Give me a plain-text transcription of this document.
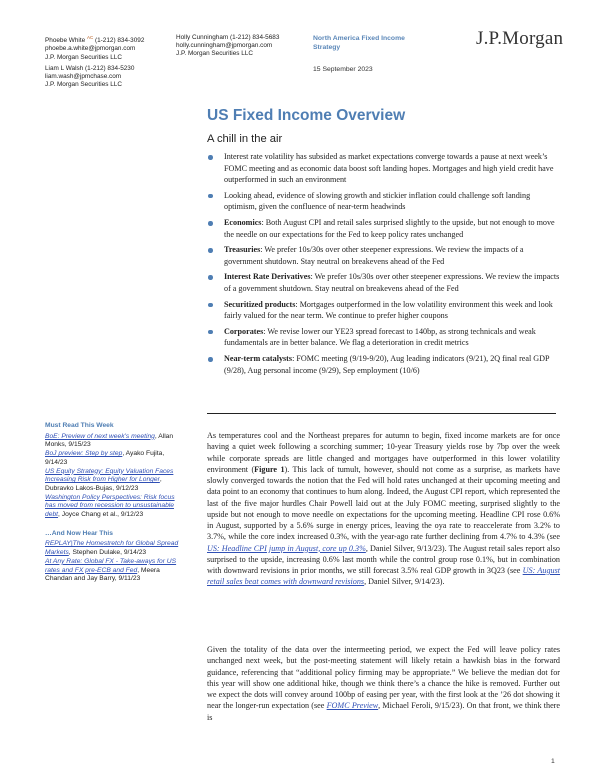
Phoebe White $^{AC}$ (1-212) 834-3092
phoebe.a.white@jpmorgan.com
J.P. Morgan Securities LLC
Liam L Walsh (1-212) 834-5230
liam.wash@jpmchase.com
J.P. Morgan Securities LLC
Holly Cunningham (1-212) 834-5683
holly.cunningham@jpmorgan.com
J.P. Morgan Securities LLC
North America Fixed Income Strategy
15 September 2023
J.P.Morgan
US Fixed Income Overview
A chill in the air
Interest rate volatility has subsided as market expectations converge towards a pause at next week’s FOMC meeting and as economic data boost soft landing hopes. Mortgages and high yield credit have outperformed in such an environment
Looking ahead, evidence of slowing growth and stickier inflation could challenge soft landing optimism, given the confluence of near-term headwinds
Economics: Both August CPI and retail sales surprised slightly to the upside, but not enough to move the needle on our expectations for the Fed to keep policy rates unchanged
Treasuries: We prefer 10s/30s over other steepener expressions. We review the impacts of a government shutdown. Stay neutral on breakevens ahead of the Fed
Interest Rate Derivatives: We prefer 10s/30s over other steepener expressions. We review the impacts of a government shutdown. Stay neutral on breakevens ahead of the Fed
Securitized products: Mortgages outperformed in the low volatility environment this week and look fairly valued for the near term. We continue to prefer higher coupons
Corporates: We revise lower our YE23 spread forecast to 140bp, as strong technicals and weak fundamentals are in better balance. We flag a deterioration in credit metrics
Near-term catalysts: FOMC meeting (9/19-9/20), Aug leading indicators (9/21), 2Q final real GDP (9/28), Aug personal income (9/29), Sep employment (10/6)
Must Read This Week
BoE: Preview of next week’s meeting, Allan Monks, 9/15/23
BoJ preview: Step by step, Ayako Fujita, 9/14/23
US Equity Strategy: Equity Valuation Faces Increasing Risk from Higher for Longer, Dubravko Lakos-Bujas, 9/12/23
Washington Policy Perspectives: Risk focus has moved from recession to unsustainable debt, Joyce Chang et al., 9/12/23
…And Now Hear This
REPLAY|The Homestretch for Global Spread Markets, Stephen Dulake, 9/14/23
At Any Rate: Global FX - Take-aways for US rates and FX pre-ECB and Fed, Meera Chandan and Jay Barry, 9/11/23
As temperatures cool and the Northeast prepares for autumn to begin, fixed income markets are for once having a quiet week following a scorching summer; 10-year Treasury yields rose by 7bp over the week while corporate spreads are little changed and mortgages have outperformed in this lower volatility environment (Figure 1). This lack of tumult, however, should not come as a surprise, as markets have slowly converged towards the notion that the Fed will hold rates unchanged at their upcoming meeting and data point to an economy that continues to hum along. Indeed, the August CPI report, which represented the last of the five major hurdles Chair Powell laid out at the July FOMC meeting, surprised slightly to the upside but not enough to move needle on expectations for the upcoming meeting. Headline CPI rose 0.6% in August, supported by a 5.6% surge in energy prices, leaving the oya rate to reaccelerate from 3.2% to 3.7%, while the core index increased 0.3%, with the year-ago rate further declining from 4.7% to 4.3% (see US: Headline CPI jump in August, core up 0.3%, Daniel Silver, 9/13/23). The August retail sales report also surprised to the upside, increasing 0.6% last month while the control group rose 0.1%, but in combination with downward revisions in prior months, we still forecast 3.5% real GDP growth in 3Q23 (see US: August retail sales beat comes with downward revisions, Daniel Silver, 9/14/23).
Given the totality of the data over the intermeeting period, we expect the Fed will leave policy rates unchanged next week, but the post-meeting statement will likely retain a hawkish bias in the forward guidance, referencing that “additional policy firming may be appropriate.” We believe the median dot for this year will show one additional hike, though we think there’s a chance the hike is removed. Further out we expect the dots will convey around 100bp of easing per year, with the first look at the ’26 dot showing it near the longer-run expectation (see FOMC Preview, Michael Feroli, 9/15/23). On that front, we think there is
1
